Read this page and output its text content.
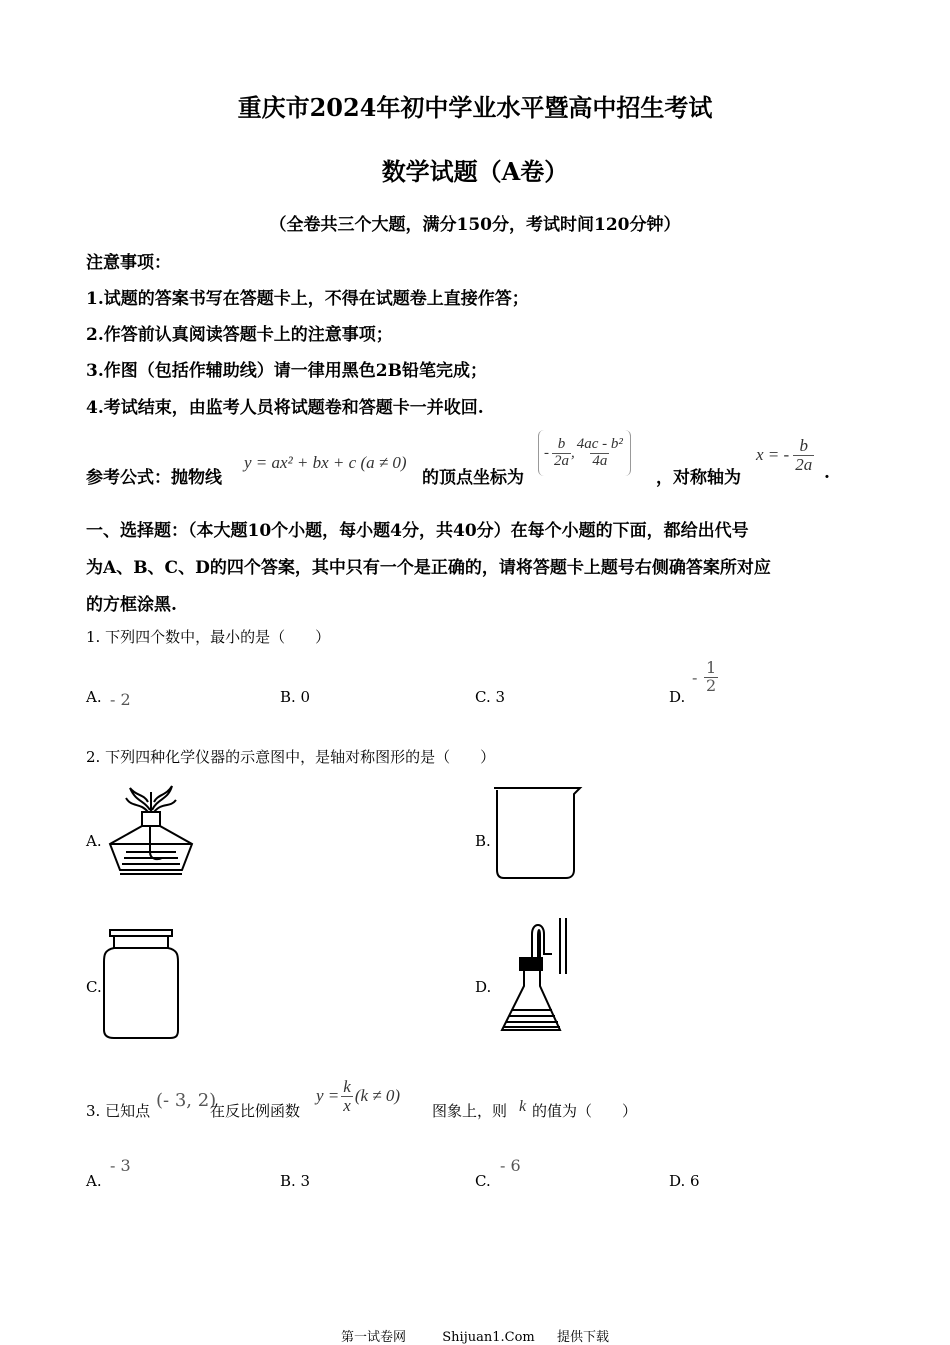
重庆市2024年初中学业水平暨高中招生考试
数学试题（A卷）
（全卷共三个大题，满分150分，考试时间120分钟）
注意事项：
1.试题的答案书写在答题卡上，不得在试题卷上直接作答；
2.作答前认真阅读答题卡上的注意事项；
3.作图（包括作辅助线）请一律用黑色2B铅笔完成；
4.考试结束，由监考人员将试题卷和答题卡一并收回.
参考公式：抛物线
y = ax² + bx + c (a ≠ 0)
的顶点坐标为
- $\frac{b}{2a}$ , $\frac{\text{4ac - b²}}{4a}$
，对称轴为
x = - $\frac{b}{2a}$ .
一、选择题：（本大题10个小题，每小题4分，共40分）在每个小题的下面，都给出代号
为A、B、C、D的四个答案，其中只有一个是正确的，请将答题卡上题号右侧确答案所对应
的方框涂黑.
1. 下列四个数中，最小的是（　　）
A. - 2	B. 0	C. 3	D.
- $\frac{1}{2}$
2. 下列四种化学仪器的示意图中，是轴对称图形的是（　　）
A.	B.
C.	D.
3. 已知点 (- 3, 2)
在反比例函数
$y = \frac{k}{x} (k \ne 0)$
图象上，则 k 的值为（　　）
A.
- 3
B. 3	C.
- 6
D. 6
第一试卷网	Shijuan1.Com 提供下载
